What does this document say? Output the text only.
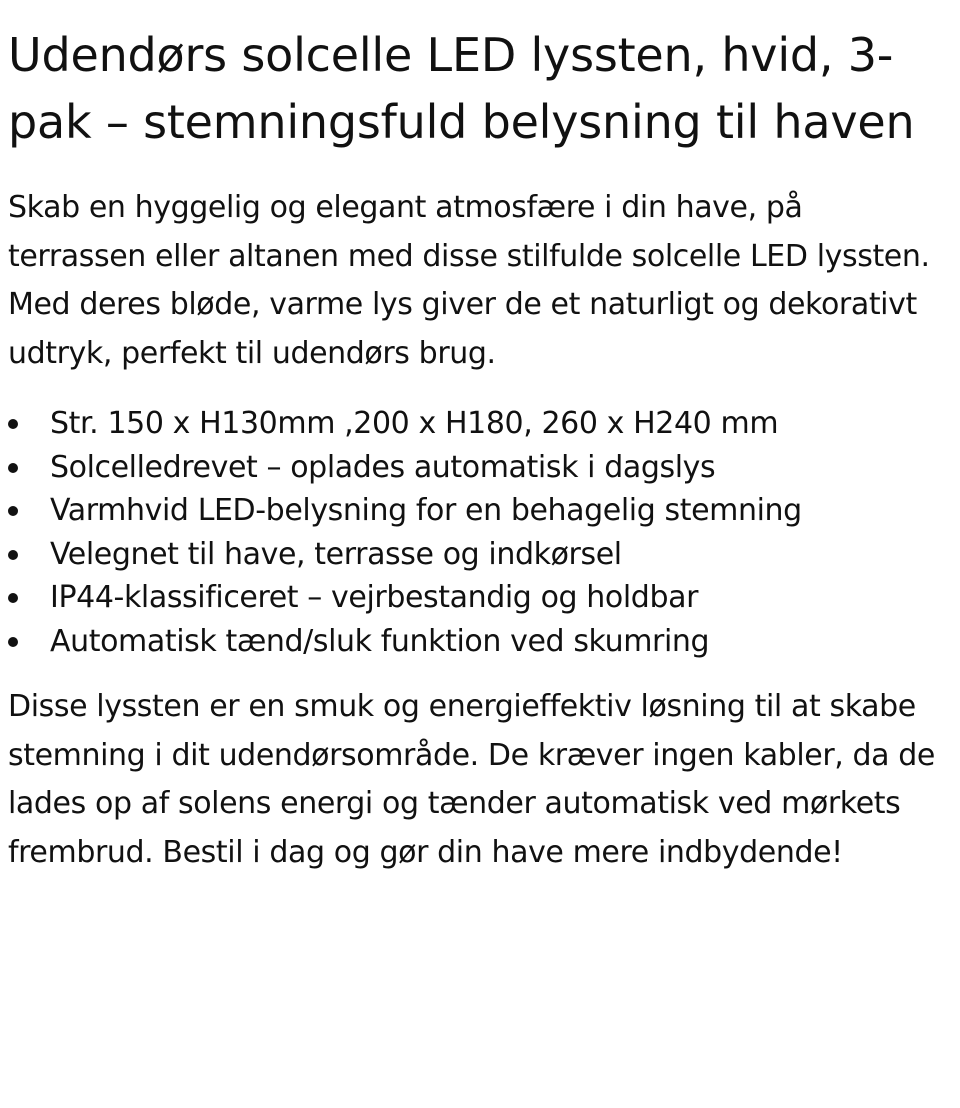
Udendørs solcelle LED lyssten, hvid, 3-pak – stemningsfuld belysning til haven

Skab en hyggelig og elegant atmosfære i din have, på terrassen eller altanen med disse stilfulde solcelle LED lyssten. Med deres bløde, varme lys giver de et naturligt og dekorativt udtryk, perfekt til udendørs brug.

Str. 150 x H130mm ,200 x H180, 260 x H240 mm
Solcelledrevet – oplades automatisk i dagslys
Varmhvid LED-belysning for en behagelig stemning
Velegnet til have, terrasse og indkørsel
IP44-klassificeret – vejrbestandig og holdbar
Automatisk tænd/sluk funktion ved skumring

Disse lyssten er en smuk og energieffektiv løsning til at skabe stemning i dit udendørsområde. De kræver ingen kabler, da de lades op af solens energi og tænder automatisk ved mørkets frembrud. Bestil i dag og gør din have mere indbydende!
